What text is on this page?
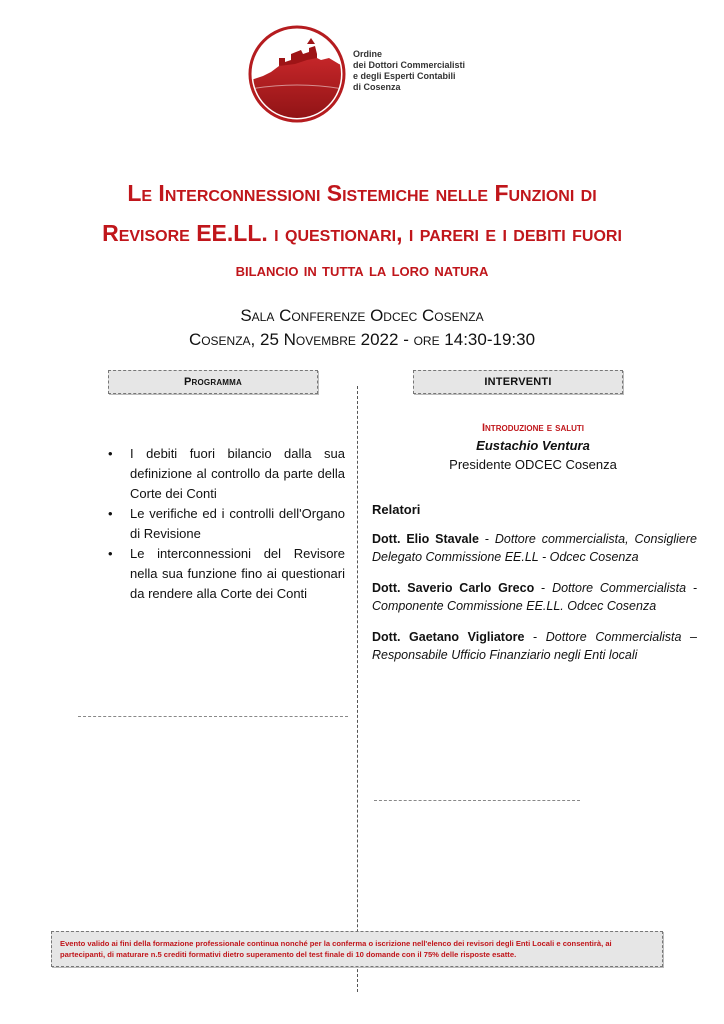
Ordine
dei Dottori Commercialisti
e degli Esperti Contabili
di Cosenza
Le Interconnessioni Sistemiche nelle Funzioni di
Revisore EE.LL. i questionari, i pareri e i debiti fuori
bilancio in tutta la loro natura
Sala Conferenze Odcec Cosenza
Cosenza, 25 Novembre 2022 - ore 14:30-19:30
Programma	INTERVENTI
• I debiti fuori bilancio dalla sua definizione al controllo da parte della Corte dei Conti
• Le verifiche ed i controlli dell'Organo di Revisione
• Le interconnessioni del Revisore nella sua funzione fino ai questionari da rendere alla Corte dei Conti
Introduzione e saluti
Eustachio Ventura
Presidente ODCEC Cosenza
Relatori
Dott. Elio Stavale - Dottore commercialista, Consigliere Delegato Commissione EE.LL - Odcec Cosenza
Dott. Saverio Carlo Greco - Dottore Commercialista - Componente Commissione EE.LL. Odcec Cosenza
Dott. Gaetano Vigliatore - Dottore Commercialista – Responsabile Ufficio Finanziario negli Enti locali
Evento valido ai fini della formazione professionale continua nonché per la conferma o iscrizione nell'elenco dei revisori degli Enti Locali e consentirà, ai partecipanti, di maturare n.5 crediti formativi dietro superamento del test finale di 10 domande con il 75% delle risposte esatte.
